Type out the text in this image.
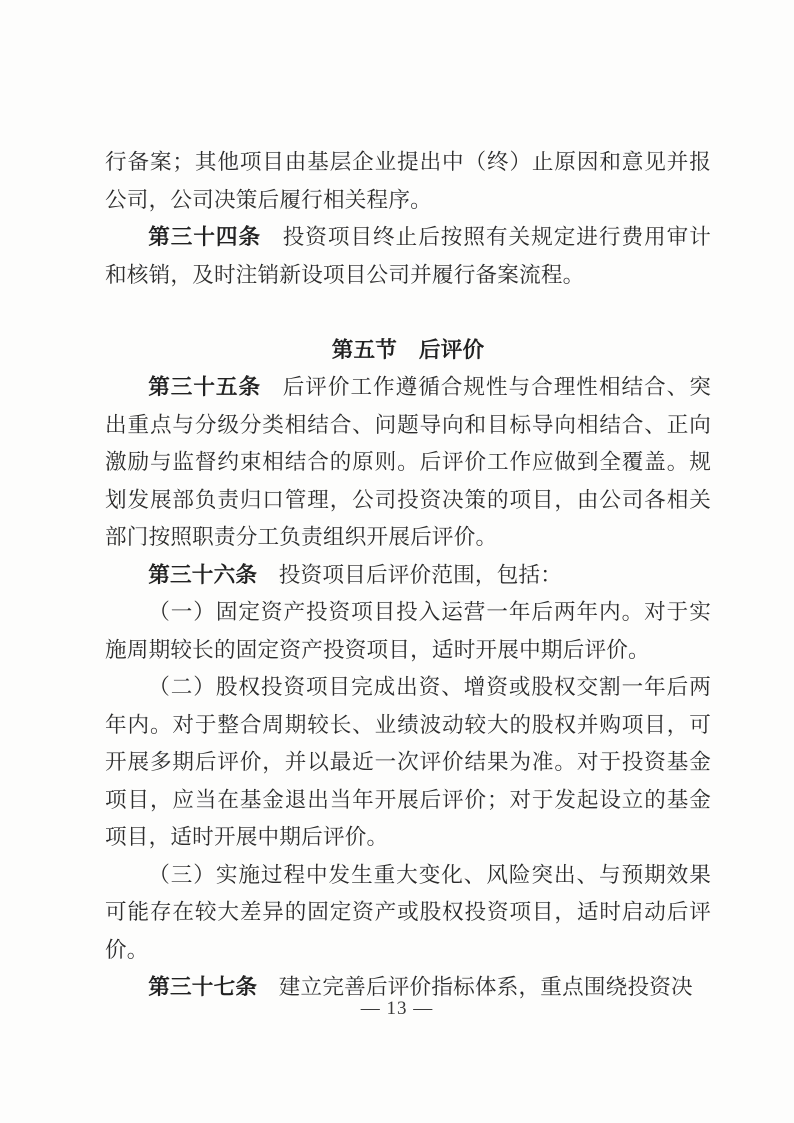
行备案；其他项目由基层企业提出中（终）止原因和意见并报公司，公司决策后履行相关程序。

第三十四条 投资项目终止后按照有关规定进行费用审计和核销，及时注销新设项目公司并履行备案流程。

第五节　后评价

第三十五条 后评价工作遵循合规性与合理性相结合、突出重点与分级分类相结合、问题导向和目标导向相结合、正向激励与监督约束相结合的原则。后评价工作应做到全覆盖。规划发展部负责归口管理，公司投资决策的项目，由公司各相关部门按照职责分工负责组织开展后评价。

第三十六条 投资项目后评价范围，包括：

（一）固定资产投资项目投入运营一年后两年内。对于实施周期较长的固定资产投资项目，适时开展中期后评价。

（二）股权投资项目完成出资、增资或股权交割一年后两年内。对于整合周期较长、业绩波动较大的股权并购项目，可开展多期后评价，并以最近一次评价结果为准。对于投资基金项目，应当在基金退出当年开展后评价；对于发起设立的基金项目，适时开展中期后评价。

（三）实施过程中发生重大变化、风险突出、与预期效果可能存在较大差异的固定资产或股权投资项目，适时启动后评价。

第三十七条 建立完善后评价指标体系，重点围绕投资决

— 13 —
